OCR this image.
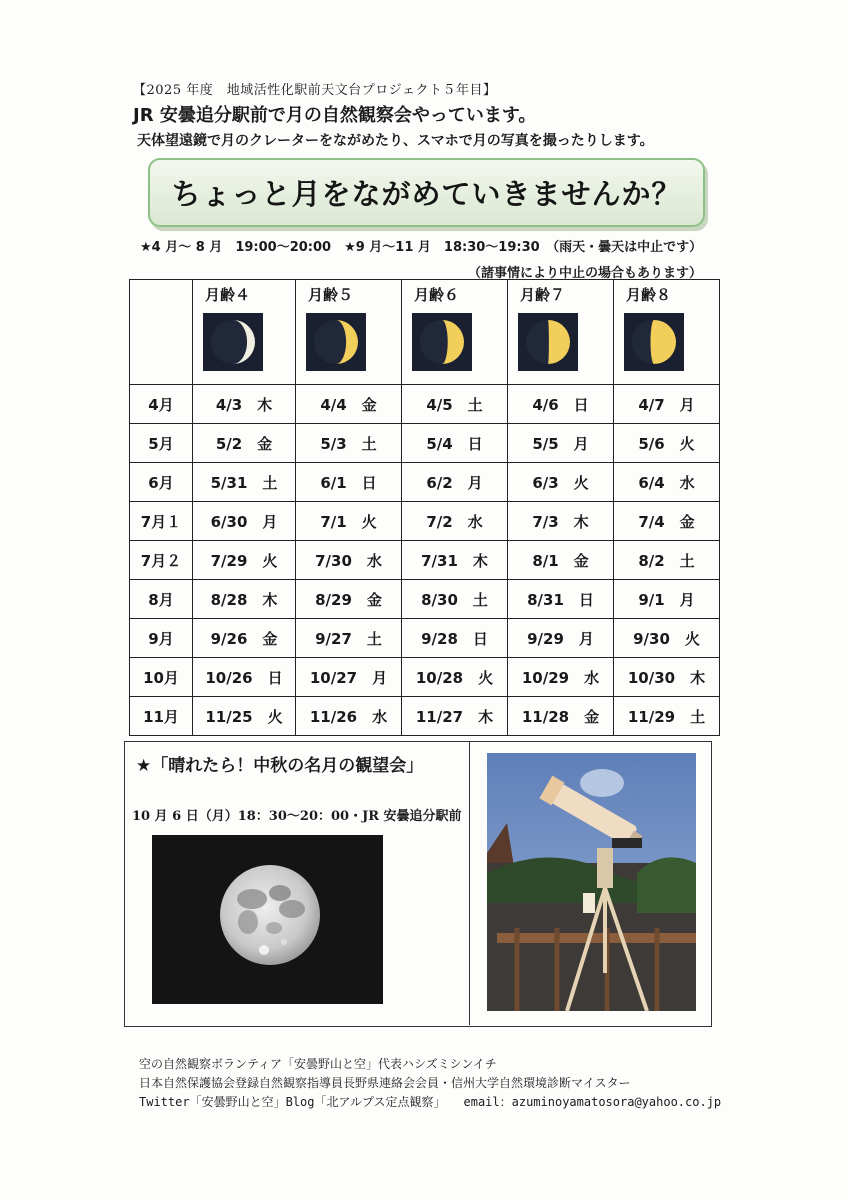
【2025 年度　地域活性化駅前天文台プロジェクト５年目】
JR 安曇追分駅前で月の自然観察会やっています。
天体望遠鏡で月のクレーターをながめたり、スマホで月の写真を撮ったりします。
ちょっと月をながめていきませんか？
★4 月～ 8 月　19:00～20:00　★9 月～11 月　18:30～19:30　（雨天・曇天は中止です）
（諸事情により中止の場合もあります）

	月齢４	月齢５	月齢６	月齢７	月齢８

4月	4/3　木	4/4　金	4/5　土	4/6　日	4/7　月
5月	5/2　金	5/3　土	5/4　日	5/5　月	5/6　火
6月	5/31　土	6/1　日	6/2　月	6/3　火	6/4　水
7月１	6/30　月	7/1　火	7/2　水	7/3　木	7/4　金
7月２	7/29　火	7/30　水	7/31　木	8/1　金	8/2　土
8月	8/28　木	8/29　金	8/30　土	8/31　日	9/1　月
9月	9/26　金	9/27　土	9/28　日	9/29　月	9/30　火
10月	10/26　日	10/27　月	10/28　火	10/29　水	10/30　木
11月	11/25　火	11/26　水	11/27　木	11/28　金	11/29　土
★「晴れたら！中秋の名月の観望会」
10 月 6 日（月）18：30～20：00・JR 安曇追分駅前
空の自然観察ボランティア「安曇野山と空」代表ハシズミシンイチ
日本自然保護協会登録自然観察指導員長野県連絡会会員・信州大学自然環境診断マイスター
Twitter「安曇野山と空」Blog「北アルプス定点観察」　　email：azuminoyamatosora@yahoo.co.jp
